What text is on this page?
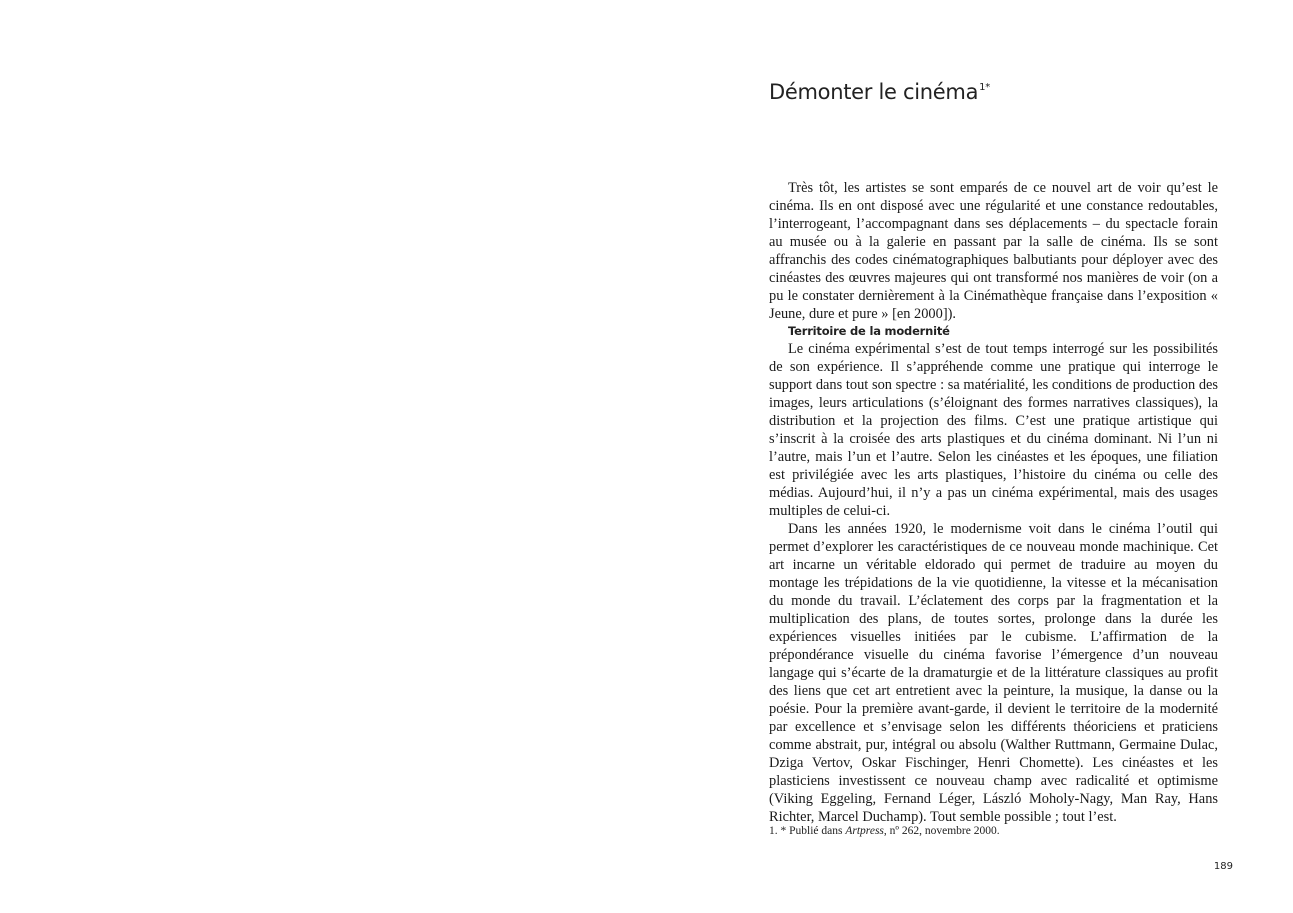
Démonter le cinéma$^{1*}$

Très tôt, les artistes se sont emparés de ce nouvel art de voir qu’est le cinéma. Ils en ont disposé avec une régularité et une constance redoutables, l’interrogeant, l’accompagnant dans ses déplacements – du spectacle forain au musée ou à la galerie en passant par la salle de cinéma. Ils se sont affranchis des codes cinématographiques balbutiants pour déployer avec des cinéastes des œuvres majeures qui ont transformé nos manières de voir (on a pu le constater dernièrement à la Cinémathèque française dans l’exposition « Jeune, dure et pure » [en 2000]).

Territoire de la modernité

Le cinéma expérimental s’est de tout temps interrogé sur les possibilités de son expérience. Il s’appréhende comme une pratique qui interroge le support dans tout son spectre : sa matérialité, les conditions de production des images, leurs articulations (s’éloignant des formes narratives classiques), la distribution et la projection des films. C’est une pratique artistique qui s’inscrit à la croisée des arts plastiques et du cinéma dominant. Ni l’un ni l’autre, mais l’un et l’autre. Selon les cinéastes et les époques, une filiation est privilégiée avec les arts plastiques, l’histoire du cinéma ou celle des médias. Aujourd’hui, il n’y a pas un cinéma expérimental, mais des usages multiples de celui-ci.

Dans les années 1920, le modernisme voit dans le cinéma l’outil qui permet d’explorer les caractéristiques de ce nouveau monde machinique. Cet art incarne un véritable eldorado qui permet de traduire au moyen du montage les trépidations de la vie quotidienne, la vitesse et la mécanisation du monde du travail. L’éclatement des corps par la fragmentation et la multiplication des plans, de toutes sortes, prolonge dans la durée les expériences visuelles initiées par le cubisme. L’affirmation de la prépondérance visuelle du cinéma favorise l’émergence d’un nouveau langage qui s’écarte de la dramaturgie et de la littérature classiques au profit des liens que cet art entretient avec la peinture, la musique, la danse ou la poésie. Pour la première avant-garde, il devient le territoire de la modernité par excellence et s’envisage selon les différents théoriciens et praticiens comme abstrait, pur, intégral ou absolu (Walther Ruttmann, Germaine Dulac, Dziga Vertov, Oskar Fischinger, Henri Chomette). Les cinéastes et les plasticiens investissent ce nouveau champ avec radicalité et optimisme (Viking Eggeling, Fernand Léger, László Moholy-Nagy, Man Ray, Hans Richter, Marcel Duchamp). Tout semble possible ; tout l’est.

1. * Publié dans Artpress, nº 262, novembre 2000.
189
